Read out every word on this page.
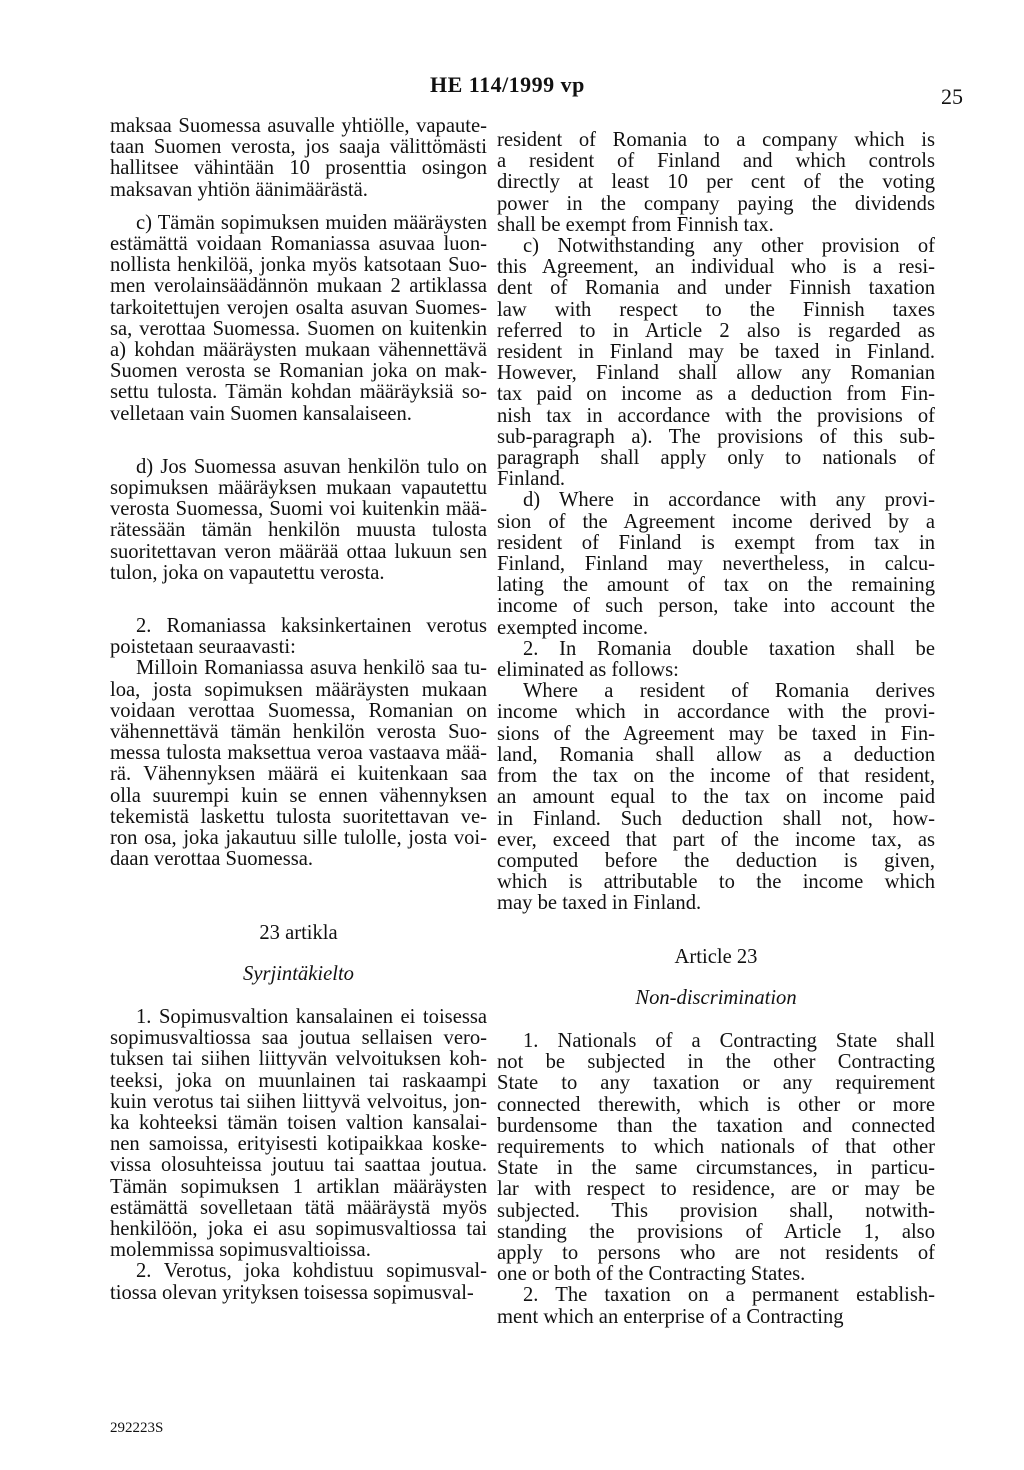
HE 114/1999 vp	25

maksaa Suomessa asuvalle yhtiölle, vapaute-
taan Suomen verosta, jos saaja välittömästi
hallitsee vähintään 10 prosenttia osingon
maksavan yhtiön äänimäärästä.

c) Tämän sopimuksen muiden määräysten
estämättä voidaan Romaniassa asuvaa luon-
nollista henkilöä, jonka myös katsotaan Suo-
men verolainsäädännön mukaan 2 artiklassa
tarkoitettujen verojen osalta asuvan Suomes-
sa, verottaa Suomessa. Suomen on kuitenkin
a) kohdan määräysten mukaan vähennettävä
Suomen verosta se Romanian joka on mak-
settu tulosta. Tämän kohdan määräyksiä so-
velletaan vain Suomen kansalaiseen.

d) Jos Suomessa asuvan henkilön tulo on
sopimuksen määräyksen mukaan vapautettu
verosta Suomessa, Suomi voi kuitenkin mää-
rätessään tämän henkilön muusta tulosta
suoritettavan veron määrää ottaa lukuun sen
tulon, joka on vapautettu verosta.

2. Romaniassa kaksinkertainen verotus
poistetaan seuraavasti:

Milloin Romaniassa asuva henkilö saa tu-
loa, josta sopimuksen määräysten mukaan
voidaan verottaa Suomessa, Romanian on
vähennettävä tämän henkilön verosta Suo-
messa tulosta maksettua veroa vastaava mää-
rä. Vähennyksen määrä ei kuitenkaan saa
olla suurempi kuin se ennen vähennyksen
tekemistä laskettu tulosta suoritettavan ve-
ron osa, joka jakautuu sille tulolle, josta voi-
daan verottaa Suomessa.

23 artikla

Syrjintäkielto

1. Sopimusvaltion kansalainen ei toisessa
sopimusvaltiossa saa joutua sellaisen vero-
tuksen tai siihen liittyvän velvoituksen koh-
teeksi, joka on muunlainen tai raskaampi
kuin verotus tai siihen liittyvä velvoitus, jon-
ka kohteeksi tämän toisen valtion kansalai-
nen samoissa, erityisesti kotipaikkaa koske-
vissa olosuhteissa joutuu tai saattaa joutua.
Tämän sopimuksen 1 artiklan määräysten
estämättä sovelletaan tätä määräystä myös
henkilöön, joka ei asu sopimusvaltiossa tai
molemmissa sopimusvaltioissa.

2. Verotus, joka kohdistuu sopimusval-
tiossa olevan yrityksen toisessa sopimusval-

resident of Romania to a company which is
a resident of Finland and which controls
directly at least 10 per cent of the voting
power in the company paying the dividends
shall be exempt from Finnish tax.

c) Notwithstanding any other provision of
this Agreement, an individual who is a resi-
dent of Romania and under Finnish taxation
law with respect to the Finnish taxes
referred to in Article 2 also is regarded as
resident in Finland may be taxed in Finland.
However, Finland shall allow any Romanian
tax paid on income as a deduction from Fin-
nish tax in accordance with the provisions of
sub-paragraph a). The provisions of this sub-
paragraph shall apply only to nationals of
Finland.

d) Where in accordance with any provi-
sion of the Agreement income derived by a
resident of Finland is exempt from tax in
Finland, Finland may nevertheless, in calcu-
lating the amount of tax on the remaining
income of such person, take into account the
exempted income.

2. In Romania double taxation shall be
eliminated as follows:

Where a resident of Romania derives
income which in accordance with the provi-
sions of the Agreement may be taxed in Fin-
land, Romania shall allow as a deduction
from the tax on the income of that resident,
an amount equal to the tax on income paid
in Finland. Such deduction shall not, how-
ever, exceed that part of the income tax, as
computed before the deduction is given,
which is attributable to the income which
may be taxed in Finland.

Article 23

Non-discrimination

1. Nationals of a Contracting State shall
not be subjected in the other Contracting
State to any taxation or any requirement
connected therewith, which is other or more
burdensome than the taxation and connected
requirements to which nationals of that other
State in the same circumstances, in particu-
lar with respect to residence, are or may be
subjected. This provision shall, notwith-
standing the provisions of Article 1, also
apply to persons who are not residents of
one or both of the Contracting States.

2. The taxation on a permanent establish-
ment which an enterprise of a Contracting

292223S
